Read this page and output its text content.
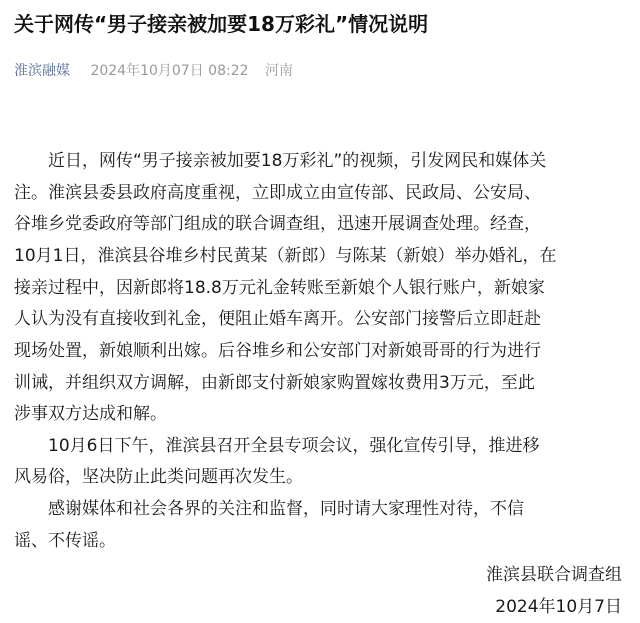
关于网传“男子接亲被加要18万彩礼”情况说明
淮滨融媒 2024年10月07日 08:22 河南
近日，网传“男子接亲被加要18万彩礼”的视频，引发网民和媒体关
注。淮滨县委县政府高度重视，立即成立由宣传部、民政局、公安局、
谷堆乡党委政府等部门组成的联合调查组，迅速开展调查处理。经查，
10月1日，淮滨县谷堆乡村民黄某（新郎）与陈某（新娘）举办婚礼，在
接亲过程中，因新郎将18.8万元礼金转账至新娘个人银行账户，新娘家
人认为没有直接收到礼金，便阻止婚车离开。公安部门接警后立即赶赴
现场处置，新娘顺利出嫁。后谷堆乡和公安部门对新娘哥哥的行为进行
训诫，并组织双方调解，由新郎支付新娘家购置嫁妆费用3万元，至此
涉事双方达成和解。
10月6日下午，淮滨县召开全县专项会议，强化宣传引导，推进移
风易俗，坚决防止此类问题再次发生。
感谢媒体和社会各界的关注和监督，同时请大家理性对待，不信
谣、不传谣。
淮滨县联合调查组
2024年10月7日
